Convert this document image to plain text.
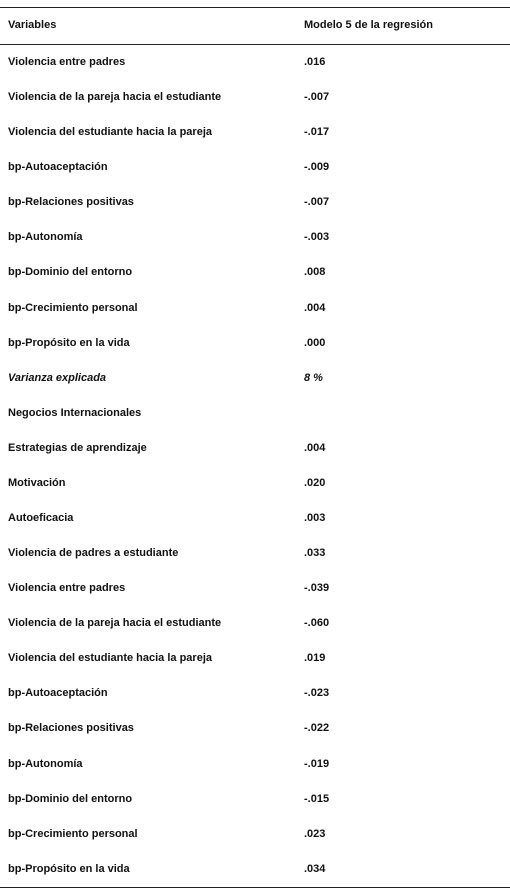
Variables	Modelo 5 de la regresión
Violencia entre padres	.016
Violencia de la pareja hacia el estudiante	-.007
Violencia del estudiante hacia la pareja	-.017
bp-Autoaceptación	-.009
bp-Relaciones positivas	-.007
bp-Autonomía	-.003
bp-Dominio del entorno	.008
bp-Crecimiento personal	.004
bp-Propósito en la vida	.000
Varianza explicada	8 %
Negocios Internacionales
Estrategias de aprendizaje	.004
Motivación	.020
Autoeficacia	.003
Violencia de padres a estudiante	.033
Violencia entre padres	-.039
Violencia de la pareja hacia el estudiante	-.060
Violencia del estudiante hacia la pareja	.019
bp-Autoaceptación	-.023
bp-Relaciones positivas	-.022
bp-Autonomía	-.019
bp-Dominio del entorno	-.015
bp-Crecimiento personal	.023
bp-Propósito en la vida	.034
